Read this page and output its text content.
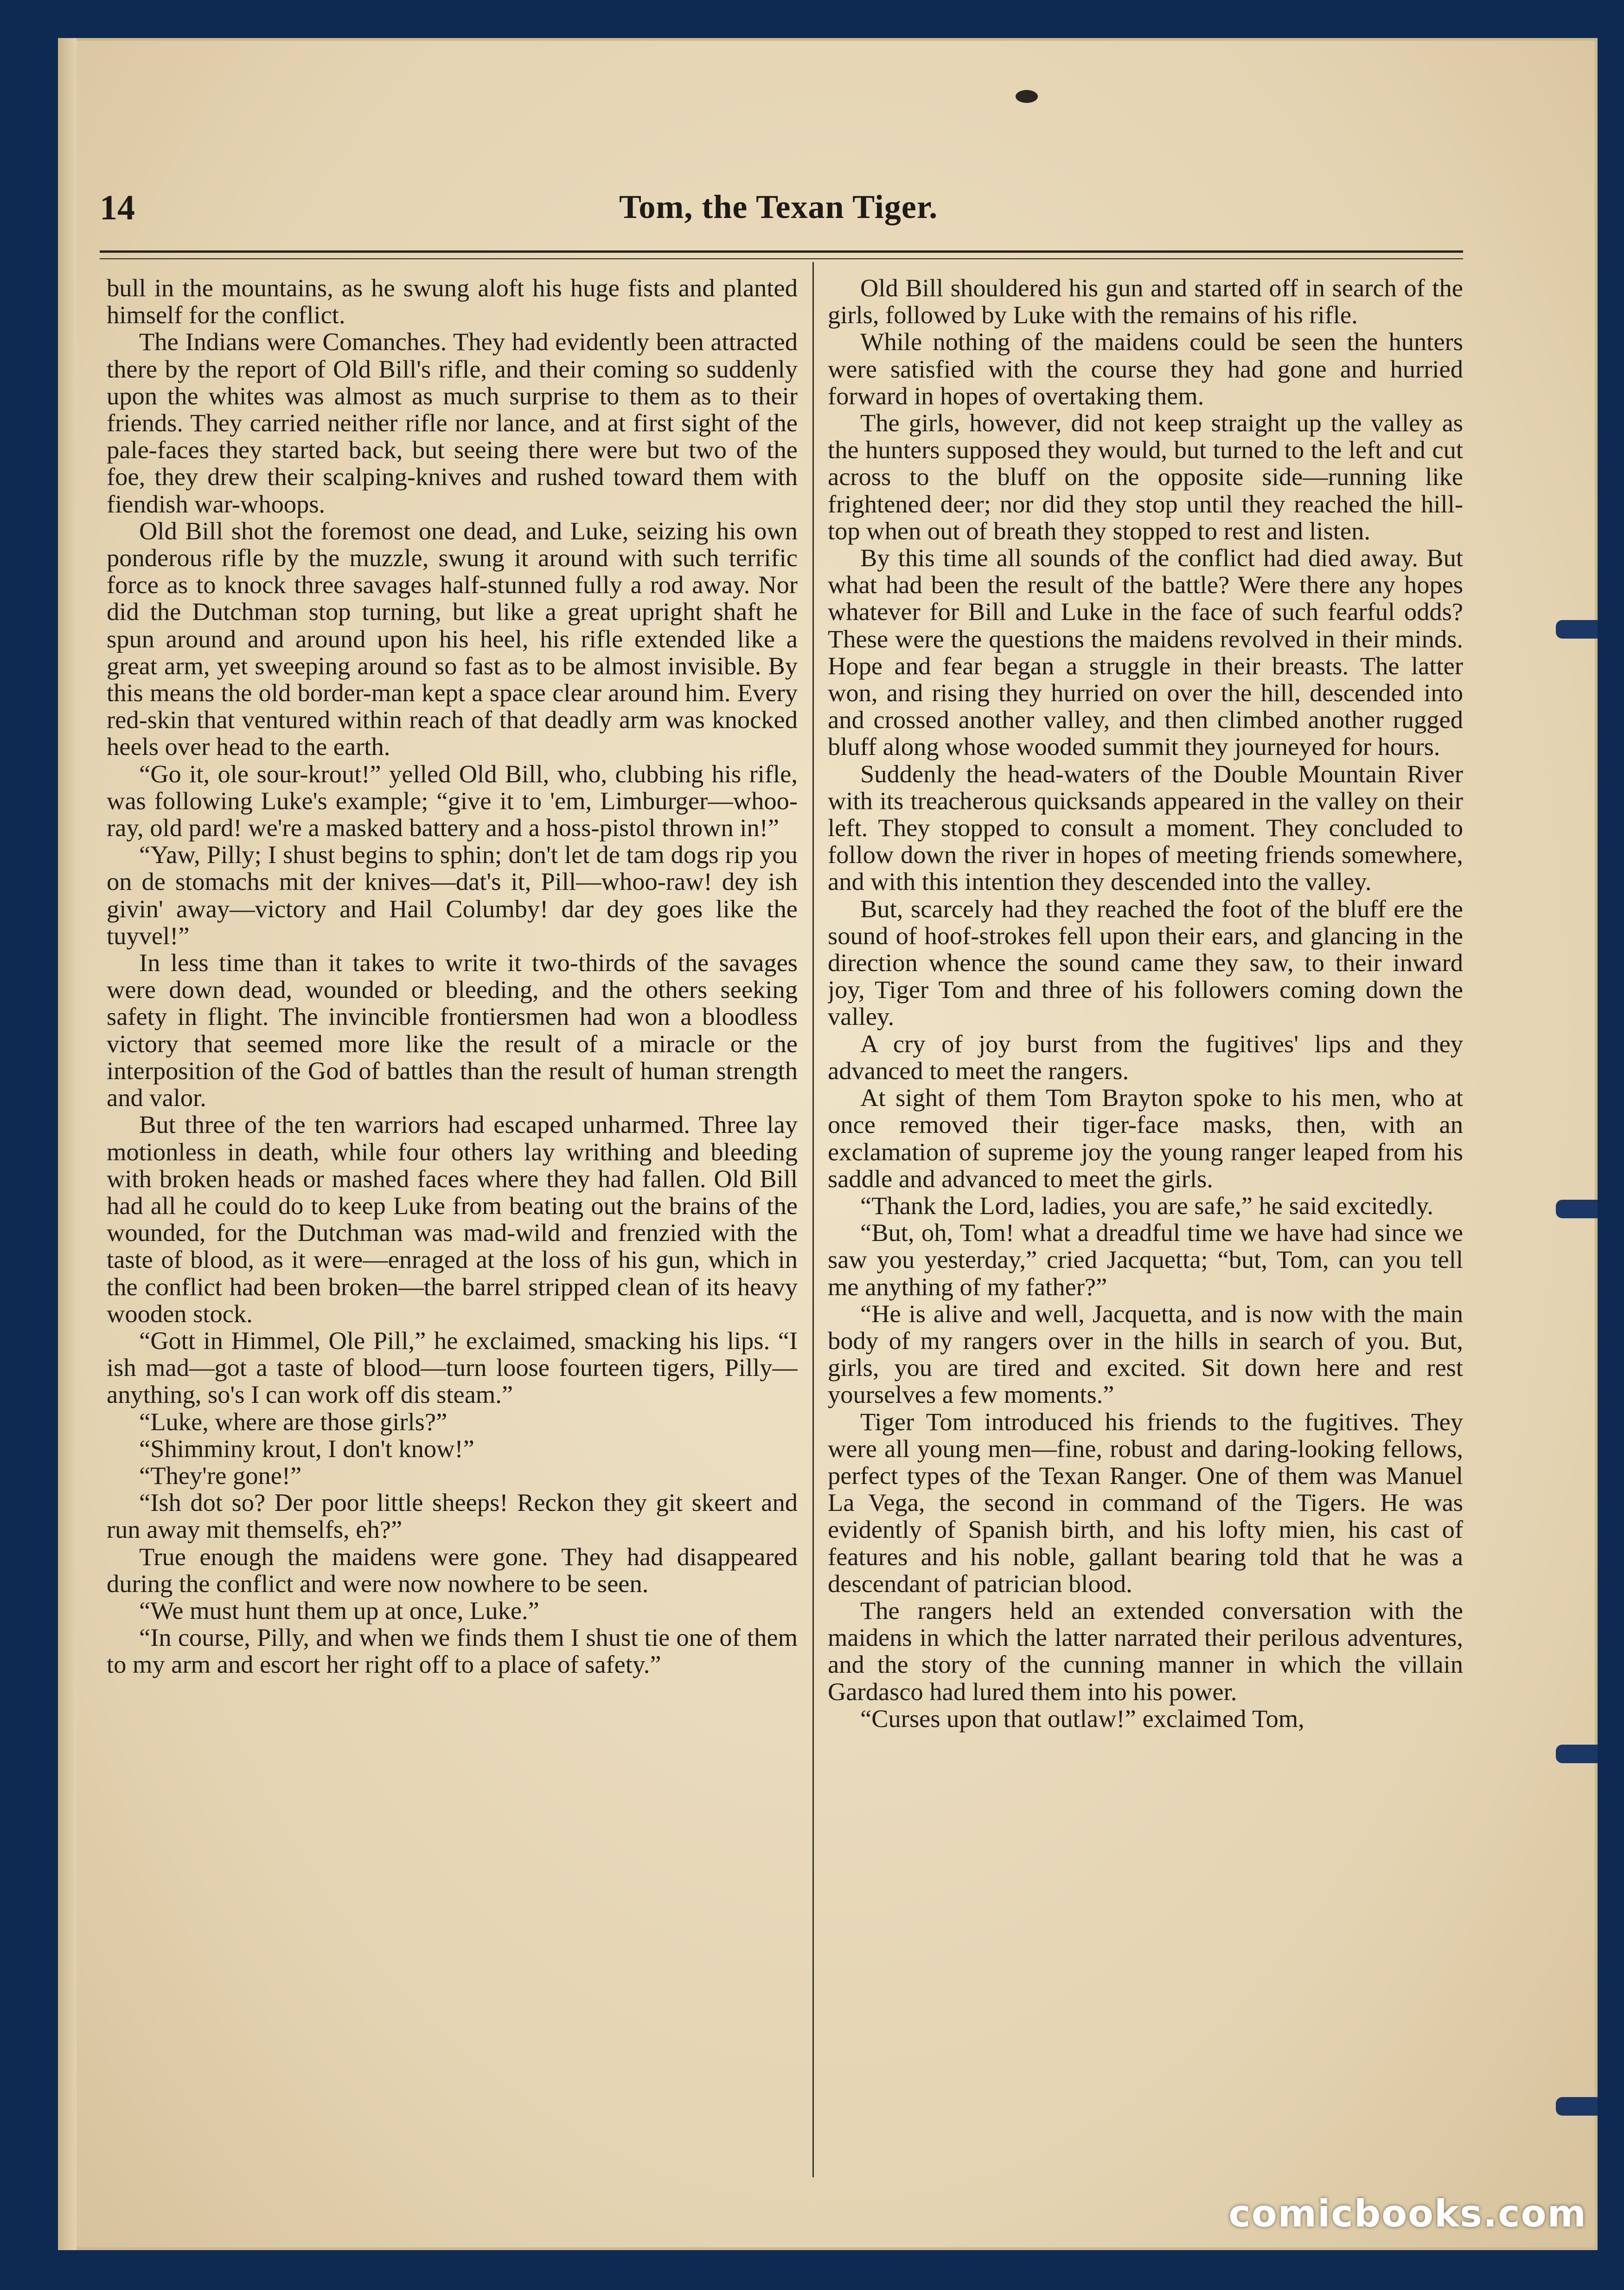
14	Tom, the Texan Tiger.

bull in the mountains, as he swung aloft his huge fists and planted himself for the conflict.

The Indians were Comanches. They had evidently been attracted there by the report of Old Bill's rifle, and their coming so suddenly upon the whites was almost as much surprise to them as to their friends. They carried neither rifle nor lance, and at first sight of the pale-faces they started back, but seeing there were but two of the foe, they drew their scalping-knives and rushed toward them with fiendish war-whoops.

Old Bill shot the foremost one dead, and Luke, seizing his own ponderous rifle by the muzzle, swung it around with such terrific force as to knock three savages half-stunned fully a rod away. Nor did the Dutchman stop turning, but like a great upright shaft he spun around and around upon his heel, his rifle extended like a great arm, yet sweeping around so fast as to be almost invisible. By this means the old border-man kept a space clear around him. Every red-skin that ventured within reach of that deadly arm was knocked heels over head to the earth.

“Go it, ole sour-krout!” yelled Old Bill, who, clubbing his rifle, was following Luke's example; “give it to 'em, Limburger—whoo-ray, old pard! we're a masked battery and a hoss-pistol thrown in!”

“Yaw, Pilly; I shust begins to sphin; don't let de tam dogs rip you on de stomachs mit der knives—dat's it, Pill—whoo-raw! dey ish givin' away—victory and Hail Columby! dar dey goes like the tuyvel!”

In less time than it takes to write it two-thirds of the savages were down dead, wounded or bleeding, and the others seeking safety in flight. The invincible frontiersmen had won a bloodless victory that seemed more like the result of a miracle or the interposition of the God of battles than the result of human strength and valor.

But three of the ten warriors had escaped unharmed. Three lay motionless in death, while four others lay writhing and bleeding with broken heads or mashed faces where they had fallen. Old Bill had all he could do to keep Luke from beating out the brains of the wounded, for the Dutchman was mad-wild and frenzied with the taste of blood, as it were—enraged at the loss of his gun, which in the conflict had been broken—the barrel stripped clean of its heavy wooden stock.

“Gott in Himmel, Ole Pill,” he exclaimed, smacking his lips. “I ish mad—got a taste of blood—turn loose fourteen tigers, Pilly—anything, so's I can work off dis steam.”

“Luke, where are those girls?”

“Shimminy krout, I don't know!”

“They're gone!”

“Ish dot so? Der poor little sheeps! Reckon they git skeert and run away mit themselfs, eh?”

True enough the maidens were gone. They had disappeared during the conflict and were now nowhere to be seen.

“We must hunt them up at once, Luke.”

“In course, Pilly, and when we finds them I shust tie one of them to my arm and escort her right off to a place of safety.”

Old Bill shouldered his gun and started off in search of the girls, followed by Luke with the remains of his rifle.

While nothing of the maidens could be seen the hunters were satisfied with the course they had gone and hurried forward in hopes of overtaking them.

The girls, however, did not keep straight up the valley as the hunters supposed they would, but turned to the left and cut across to the bluff on the opposite side—running like frightened deer; nor did they stop until they reached the hill-top when out of breath they stopped to rest and listen.

By this time all sounds of the conflict had died away. But what had been the result of the battle? Were there any hopes whatever for Bill and Luke in the face of such fearful odds? These were the questions the maidens revolved in their minds. Hope and fear began a struggle in their breasts. The latter won, and rising they hurried on over the hill, descended into and crossed another valley, and then climbed another rugged bluff along whose wooded summit they journeyed for hours.

Suddenly the head-waters of the Double Mountain River with its treacherous quicksands appeared in the valley on their left. They stopped to consult a moment. They concluded to follow down the river in hopes of meeting friends somewhere, and with this intention they descended into the valley.

But, scarcely had they reached the foot of the bluff ere the sound of hoof-strokes fell upon their ears, and glancing in the direction whence the sound came they saw, to their inward joy, Tiger Tom and three of his followers coming down the valley.

A cry of joy burst from the fugitives' lips and they advanced to meet the rangers.

At sight of them Tom Brayton spoke to his men, who at once removed their tiger-face masks, then, with an exclamation of supreme joy the young ranger leaped from his saddle and advanced to meet the girls.

“Thank the Lord, ladies, you are safe,” he said excitedly.

“But, oh, Tom! what a dreadful time we have had since we saw you yesterday,” cried Jacquetta; “but, Tom, can you tell me anything of my father?”

“He is alive and well, Jacquetta, and is now with the main body of my rangers over in the hills in search of you. But, girls, you are tired and excited. Sit down here and rest yourselves a few moments.”

Tiger Tom introduced his friends to the fugitives. They were all young men—fine, robust and daring-looking fellows, perfect types of the Texan Ranger. One of them was Manuel La Vega, the second in command of the Tigers. He was evidently of Spanish birth, and his lofty mien, his cast of features and his noble, gallant bearing told that he was a descendant of patrician blood.

The rangers held an extended conversation with the maidens in which the latter narrated their perilous adventures, and the story of the cunning manner in which the villain Gardasco had lured them into his power.

“Curses upon that outlaw!” exclaimed Tom,

comicbooks.com
